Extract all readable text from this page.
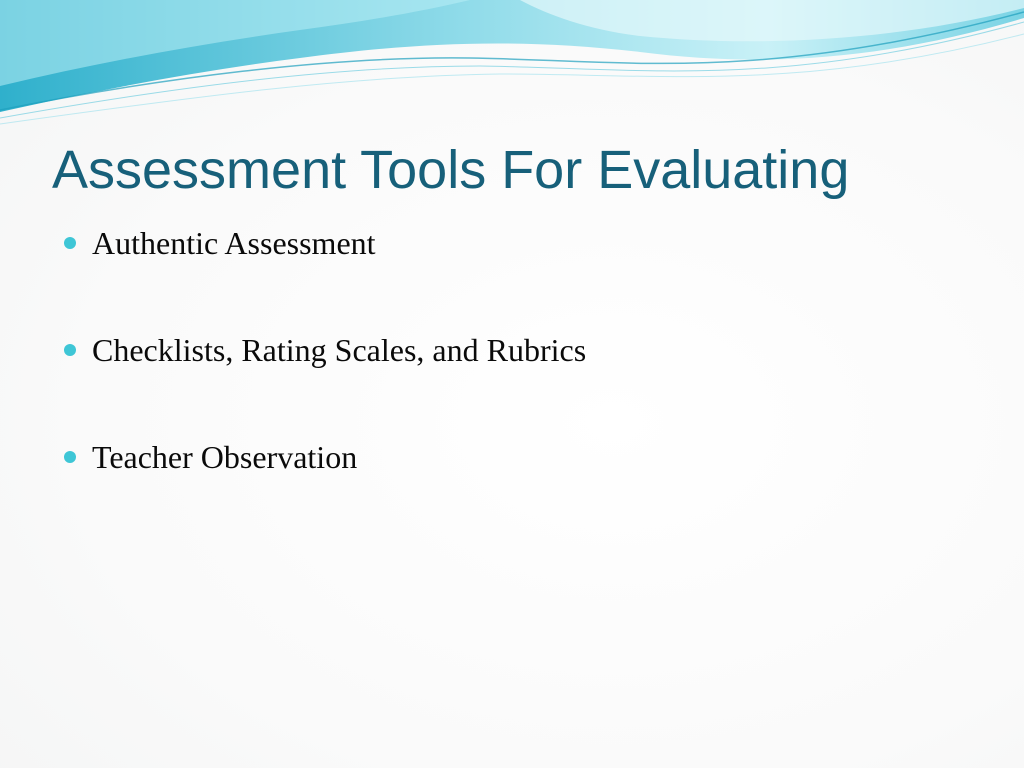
Assessment Tools For Evaluating
Authentic Assessment
Checklists, Rating Scales, and Rubrics
Teacher Observation
